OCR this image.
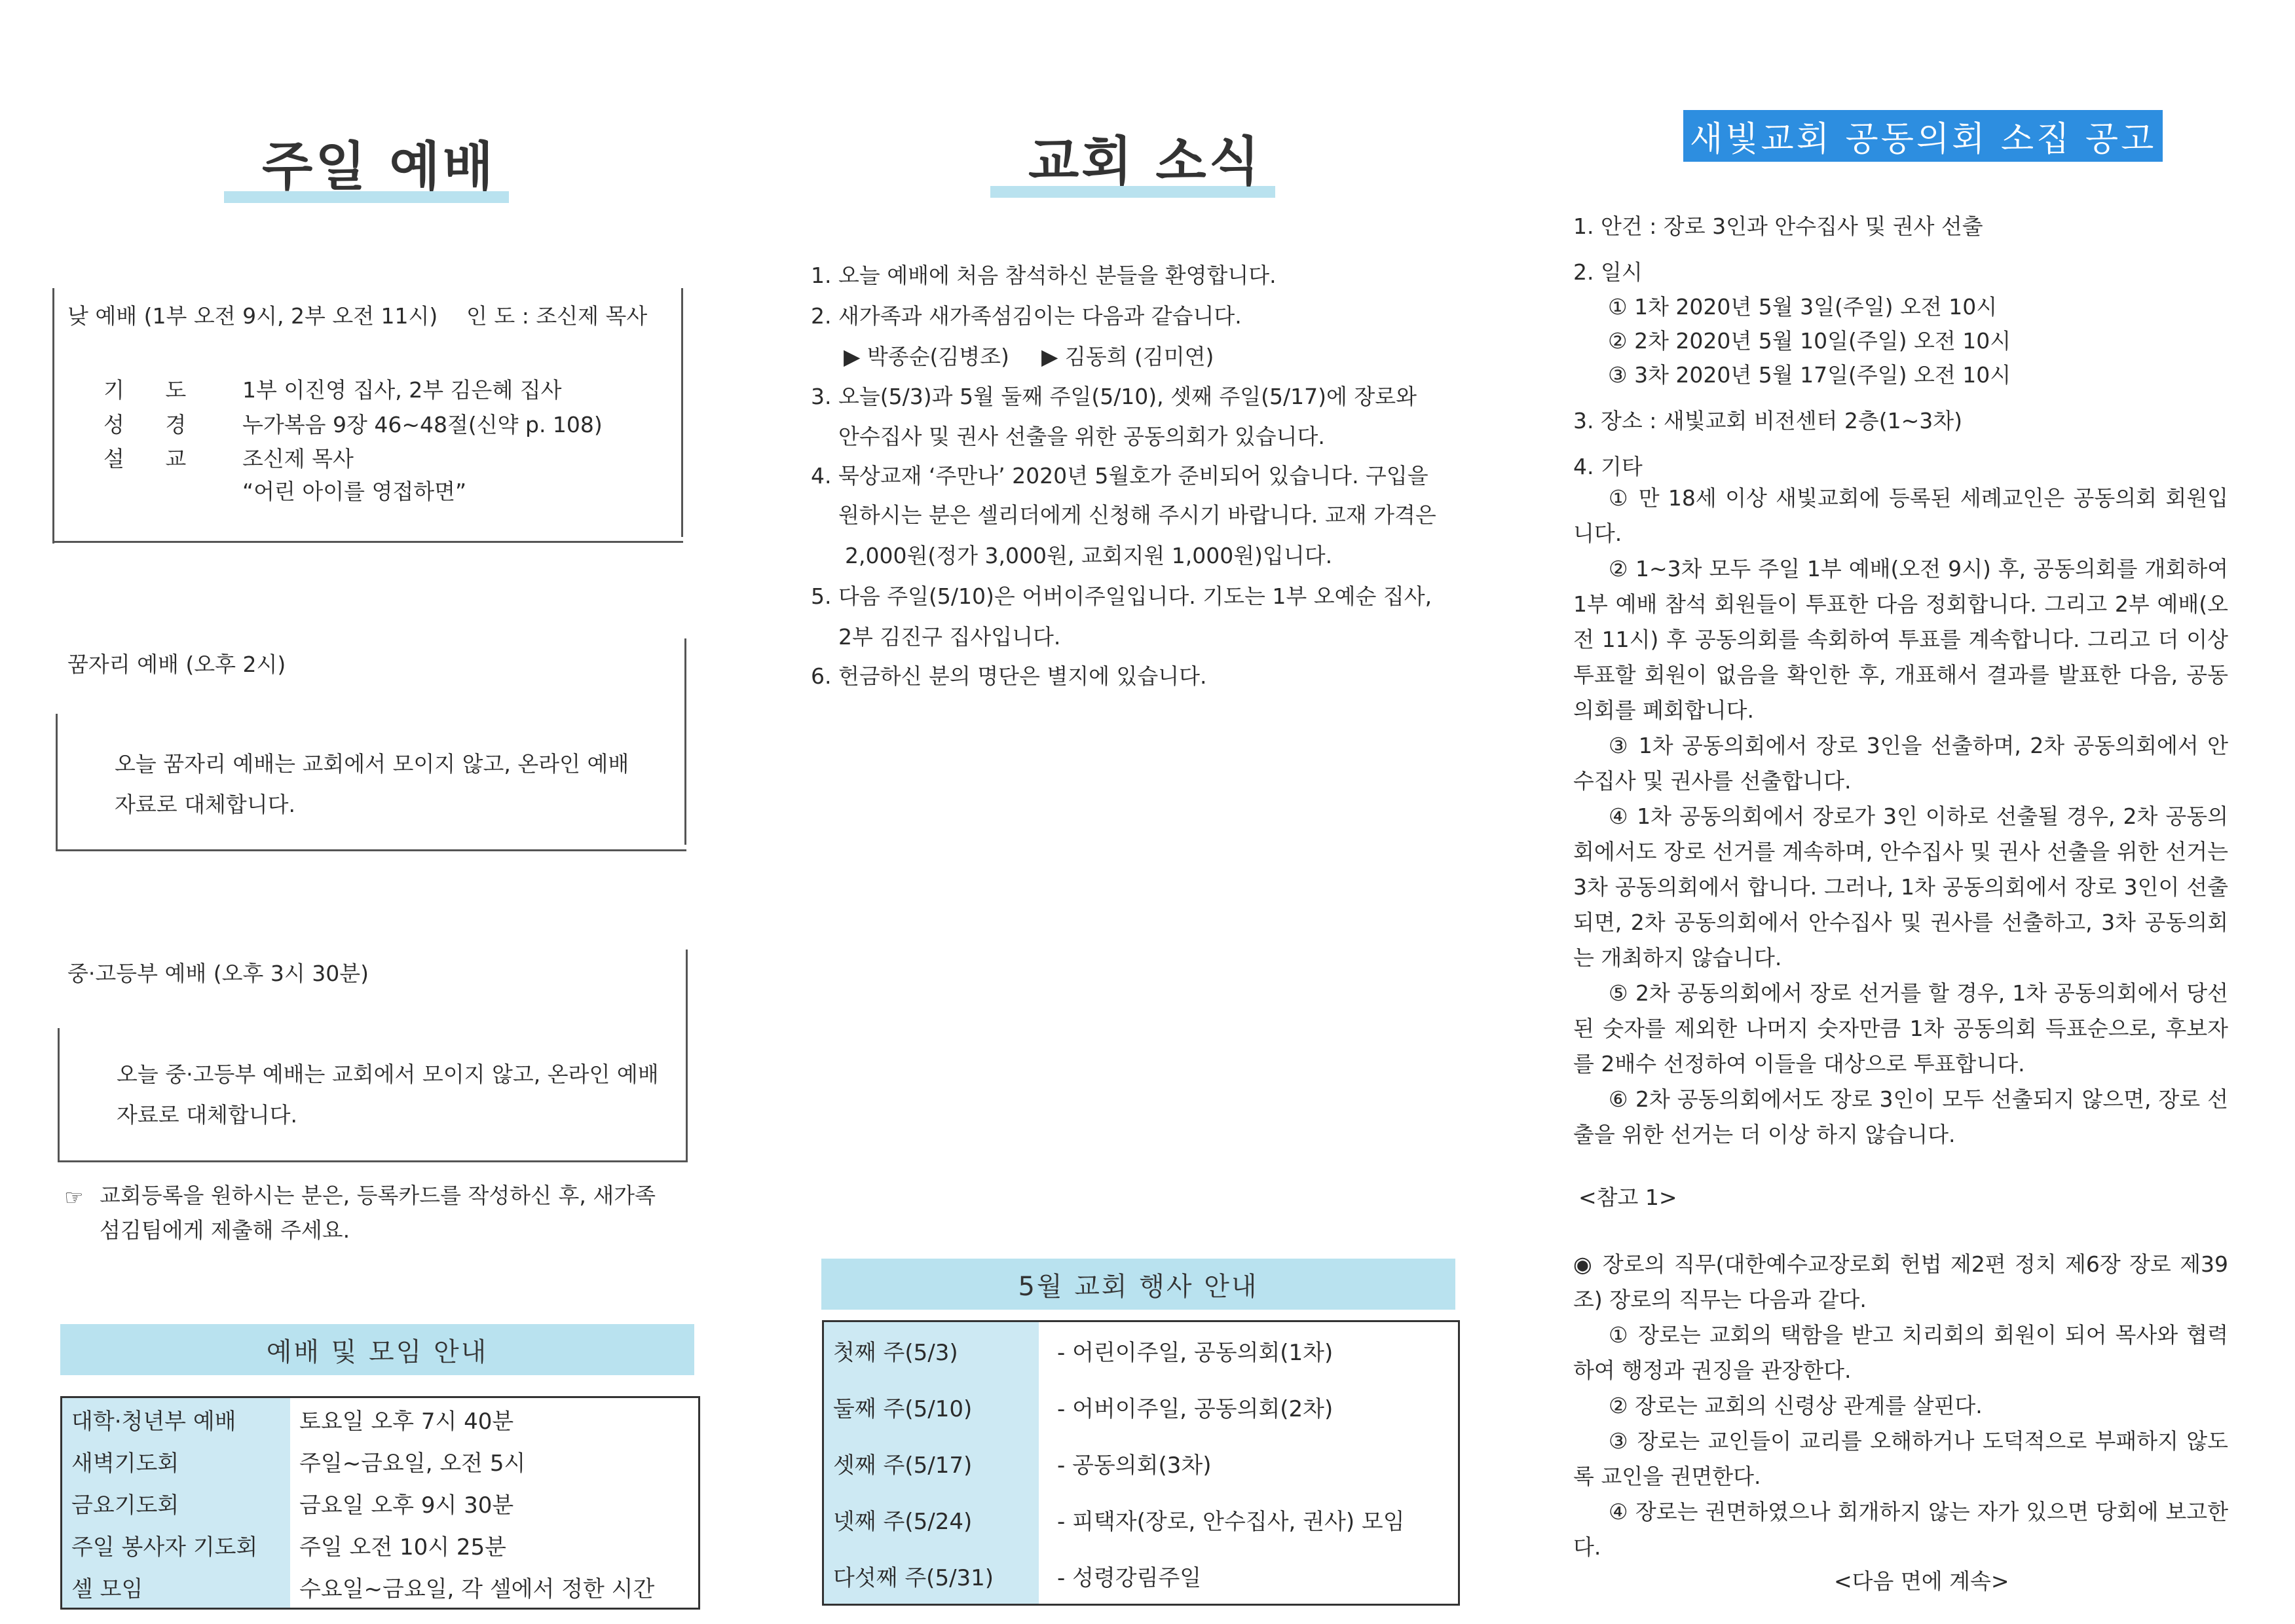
주일 예배
낮 예배 (1부 오전 9시, 2부 오전 11시) 인 도 : 조신제 목사
기 도 1부 이진영 집사, 2부 김은혜 집사
성 경 누가복음 9장 46~48절(신약 p. 108)
설 교 조신제 목사
“어린 아이를 영접하면”
꿈자리 예배 (오후 2시)
오늘 꿈자리 예배는 교회에서 모이지 않고, 온라인 예배
자료로 대체합니다.
중·고등부 예배 (오후 3시 30분)
오늘 중·고등부 예배는 교회에서 모이지 않고, 온라인 예배
자료로 대체합니다.
☞ 교회등록을 원하시는 분은, 등록카드를 작성하신 후, 새가족
섬김팀에게 제출해 주세요.
예배 및 모임 안내
대학·청년부 예배	토요일 오후 7시 40분
새벽기도회	주일~금요일, 오전 5시
금요기도회	금요일 오후 9시 30분
주일 봉사자 기도회	주일 오전 10시 25분
셀 모임	수요일~금요일, 각 셀에서 정한 시간
교회 소식
1. 오늘 예배에 처음 참석하신 분들을 환영합니다.
2. 새가족과 새가족섬김이는 다음과 같습니다.
▶ 박종순(김병조) ▶ 김동희 (김미연)
3. 오늘(5/3)과 5월 둘째 주일(5/10), 셋째 주일(5/17)에 장로와
안수집사 및 권사 선출을 위한 공동의회가 있습니다.
4. 묵상교재 ‘주만나’ 2020년 5월호가 준비되어 있습니다. 구입을
원하시는 분은 셀리더에게 신청해 주시기 바랍니다. 교재 가격은
2,000원(정가 3,000원, 교회지원 1,000원)입니다.
5. 다음 주일(5/10)은 어버이주일입니다. 기도는 1부 오예순 집사,
2부 김진구 집사입니다.
6. 헌금하신 분의 명단은 별지에 있습니다.
5월 교회 행사 안내
첫째 주(5/3)	- 어린이주일, 공동의회(1차)
둘째 주(5/10)	- 어버이주일, 공동의회(2차)
셋째 주(5/17)	- 공동의회(3차)
넷째 주(5/24)	- 피택자(장로, 안수집사, 권사) 모임
다섯째 주(5/31)	- 성령강림주일
새빛교회 공동의회 소집 공고
1. 안건 : 장로 3인과 안수집사 및 권사 선출
2. 일시
① 1차 2020년 5월 3일(주일) 오전 10시
② 2차 2020년 5월 10일(주일) 오전 10시
③ 3차 2020년 5월 17일(주일) 오전 10시
3. 장소 : 새빛교회 비전센터 2층(1~3차)
4. 기타
① 만 18세 이상 새빛교회에 등록된 세례교인은 공동의회 회원입니다.
② 1~3차 모두 주일 1부 예배(오전 9시) 후, 공동의회를 개회하여 1부 예배 참석 회원들이 투표한 다음 정회합니다. 그리고 2부 예배(오전 11시) 후 공동의회를 속회하여 투표를 계속합니다. 그리고 더 이상 투표할 회원이 없음을 확인한 후, 개표해서 결과를 발표한 다음, 공동의회를 폐회합니다.
③ 1차 공동의회에서 장로 3인을 선출하며, 2차 공동의회에서 안수집사 및 권사를 선출합니다.
④ 1차 공동의회에서 장로가 3인 이하로 선출될 경우, 2차 공동의회에서도 장로 선거를 계속하며, 안수집사 및 권사 선출을 위한 선거는 3차 공동의회에서 합니다. 그러나, 1차 공동의회에서 장로 3인이 선출되면, 2차 공동의회에서 안수집사 및 권사를 선출하고, 3차 공동의회는 개최하지 않습니다.
⑤ 2차 공동의회에서 장로 선거를 할 경우, 1차 공동의회에서 당선된 숫자를 제외한 나머지 숫자만큼 1차 공동의회 득표순으로, 후보자를 2배수 선정하여 이들을 대상으로 투표합니다.
⑥ 2차 공동의회에서도 장로 3인이 모두 선출되지 않으면, 장로 선출을 위한 선거는 더 이상 하지 않습니다.
<참고 1>
◉ 장로의 직무(대한예수교장로회 헌법 제2편 정치 제6장 장로 제39조) 장로의 직무는 다음과 같다.
① 장로는 교회의 택함을 받고 치리회의 회원이 되어 목사와 협력하여 행정과 권징을 관장한다.
② 장로는 교회의 신령상 관계를 살핀다.
③ 장로는 교인들이 교리를 오해하거나 도덕적으로 부패하지 않도록 교인을 권면한다.
④ 장로는 권면하였으나 회개하지 않는 자가 있으면 당회에 보고한다.
<다음 면에 계속>
